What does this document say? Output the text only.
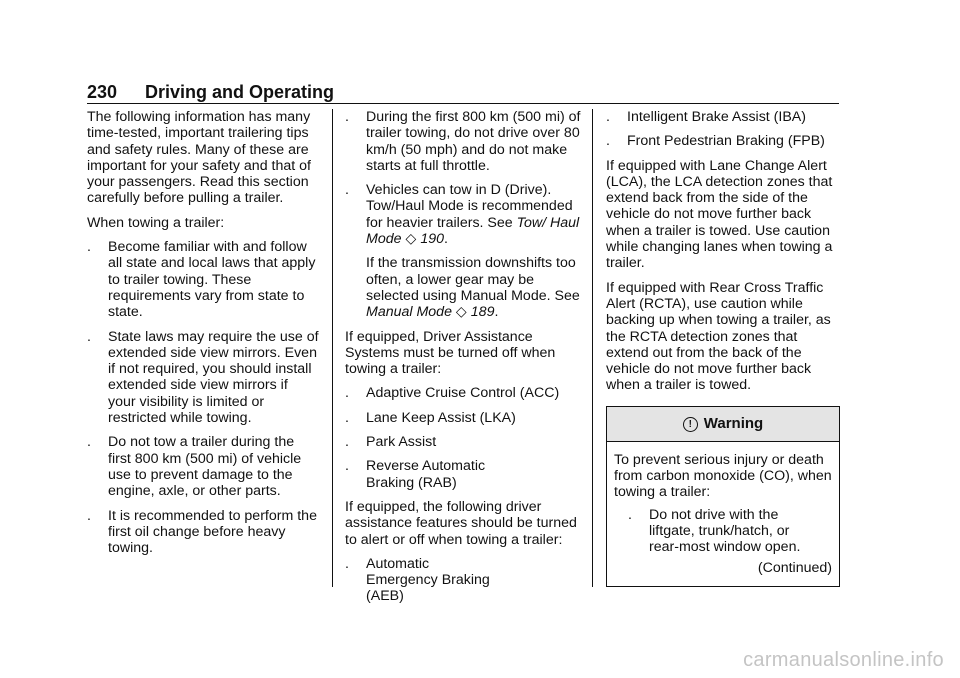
230 Driving and Operating

The following information has many time-tested, important trailering tips and safety rules. Many of these are important for your safety and that of your passengers. Read this section carefully before pulling a trailer.

When towing a trailer:

. Become familiar with and follow all state and local laws that apply to trailer towing. These requirements vary from state to state.
. State laws may require the use of extended side view mirrors. Even if not required, you should install extended side view mirrors if your visibility is limited or restricted while towing.
. Do not tow a trailer during the first 800 km (500 mi) of vehicle use to prevent damage to the engine, axle, or other parts.
. It is recommended to perform the first oil change before heavy towing.
. During the first 800 km (500 mi) of trailer towing, do not drive over 80 km/h (50 mph) and do not make starts at full throttle.
. Vehicles can tow in D (Drive). Tow/Haul Mode is recommended for heavier trailers. See Tow/ Haul Mode ◇ 190.

If the transmission downshifts too often, a lower gear may be selected using Manual Mode. See Manual Mode ◇ 189.

If equipped, Driver Assistance Systems must be turned off when towing a trailer:

. Adaptive Cruise Control (ACC)
. Lane Keep Assist (LKA)
. Park Assist
. Reverse Automatic Braking (RAB)

If equipped, the following driver assistance features should be turned to alert or off when towing a trailer:

. Automatic Emergency Braking (AEB)
. Intelligent Brake Assist (IBA)
. Front Pedestrian Braking (FPB)

If equipped with Lane Change Alert (LCA), the LCA detection zones that extend back from the side of the vehicle do not move further back when a trailer is towed. Use caution while changing lanes when towing a trailer.

If equipped with Rear Cross Traffic Alert (RCTA), use caution while backing up when towing a trailer, as the RCTA detection zones that extend out from the back of the vehicle do not move further back when a trailer is towed.

! Warning

To prevent serious injury or death from carbon monoxide (CO), when towing a trailer:

. Do not drive with the liftgate, trunk/hatch, or rear-most window open.

(Continued)

carmanualsonline.info
